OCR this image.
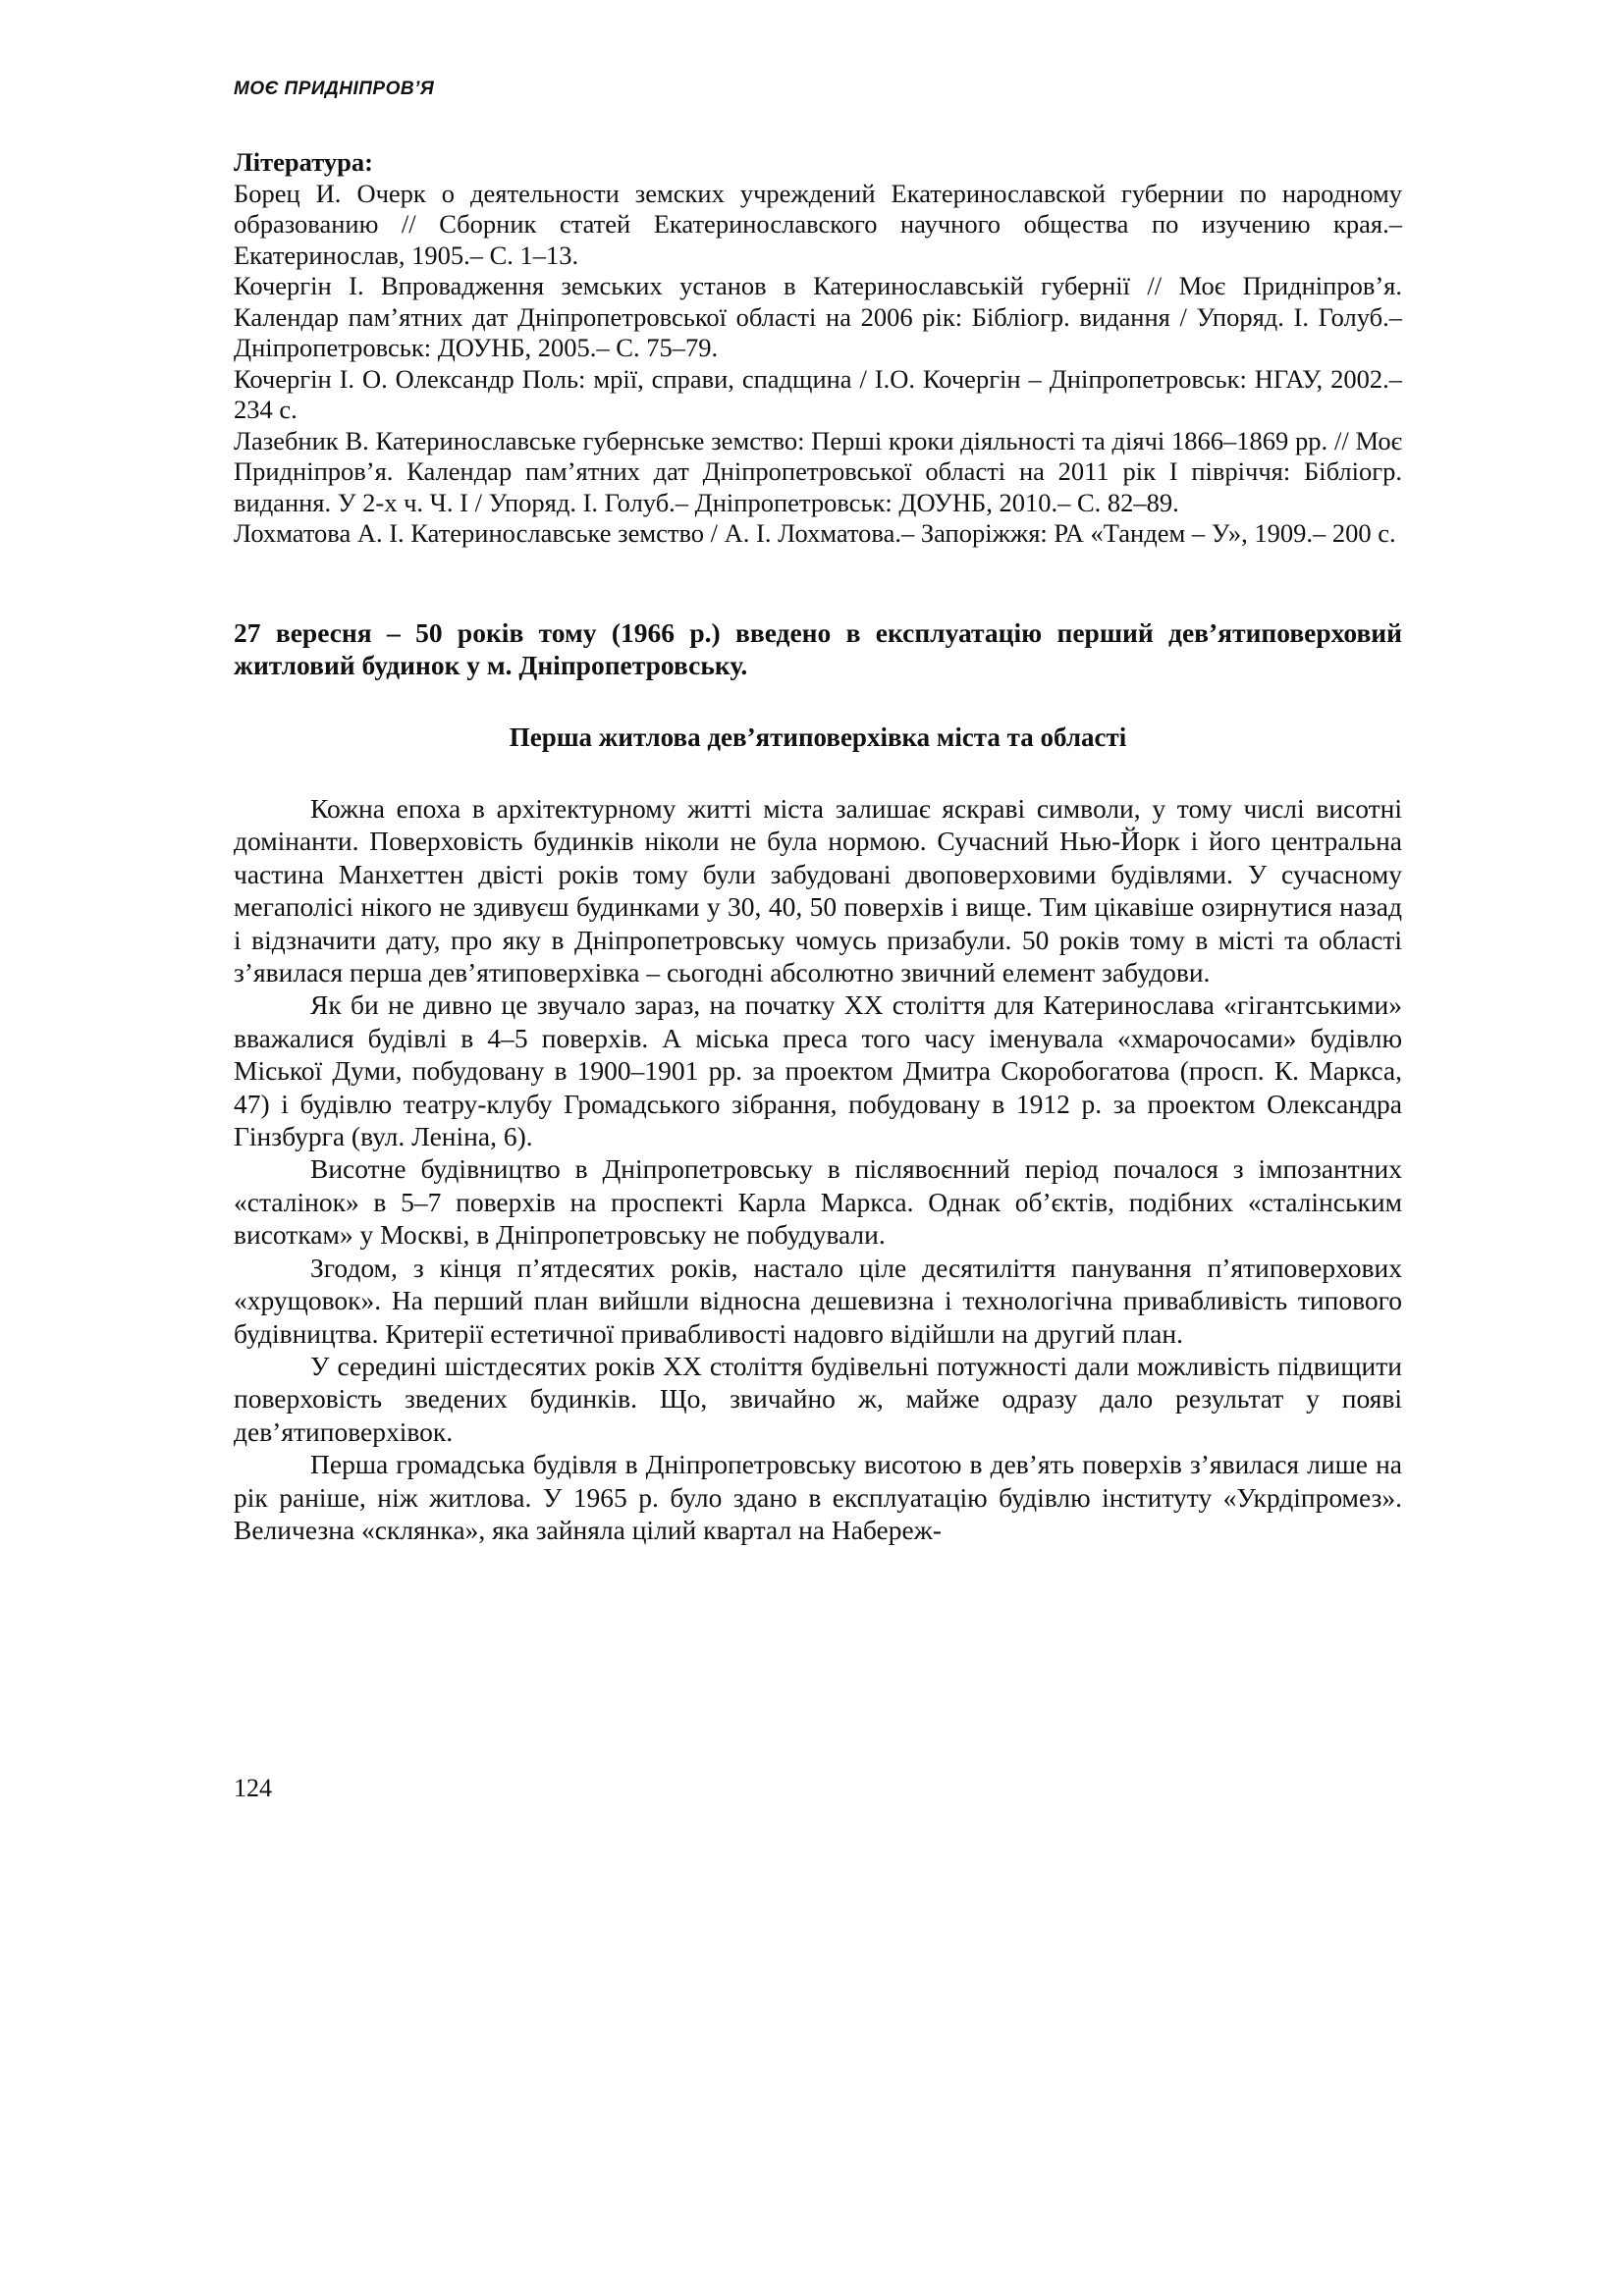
МОЄ ПРИДНІПРОВ’Я

Література:

Борец И. Очерк о деятельности земских учреждений Екатеринославской губернии по народному образованию // Сборник статей Екатеринославского научного общества по изучению края.– Екатеринослав, 1905.– С. 1–13.

Кочергін І. Впровадження земських установ в Катеринославській губернії // Моє Придніпров’я. Календар пам’ятних дат Дніпропетровської області на 2006 рік: Бібліогр. видання / Упоряд. І. Голуб.– Дніпропетровськ: ДОУНБ, 2005.– С. 75–79.

Кочергін І. О. Олександр Поль: мрії, справи, спадщина / І.О. Кочергін – Дніпропетровськ: НГАУ, 2002.– 234 с.

Лазебник В. Катеринославське губернське земство: Перші кроки діяльності та діячі 1866–1869 рр. // Моє Придніпров’я. Календар пам’ятних дат Дніпропетровської області на 2011 рік І півріччя: Бібліогр. видання. У 2-х ч. Ч. І / Упоряд. І. Голуб.– Дніпропетровськ: ДОУНБ, 2010.– С. 82–89.

Лохматова А. І. Катеринославське земство / А. І. Лохматова.– Запоріжжя: РА «Тандем – У», 1909.– 200 с.

27 вересня – 50 років тому (1966 р.) введено в експлуатацію перший дев’ятиповерховий житловий будинок у м. Дніпропетровську.

Перша житлова дев’ятиповерхівка міста та області

Кожна епоха в архітектурному житті міста залишає яскраві символи, у тому числі висотні домінанти. Поверховість будинків ніколи не була нормою. Сучасний Нью-Йорк і його центральна частина Манхеттен двісті років тому були забудовані двоповерховими будівлями. У сучасному мегаполісі нікого не здивуєш будинками у 30, 40, 50 поверхів і вище. Тим цікавіше озирнутися назад і відзначити дату, про яку в Дніпропетровську чомусь призабули. 50 років тому в місті та області з’явилася перша дев’ятиповерхівка – сьогодні абсолютно звичний елемент забудови.

Як би не дивно це звучало зараз, на початку XX століття для Катеринослава «гігантськими» вважалися будівлі в 4–5 поверхів. А міська преса того часу іменувала «хмарочосами» будівлю Міської Думи, побудовану в 1900–1901 рр. за проектом Дмитра Скоробогатова (просп. К. Маркса, 47) і будівлю театру-клубу Громадського зібрання, побудовану в 1912 р. за проектом Олександра Гінзбурга (вул. Леніна, 6).

Висотне будівництво в Дніпропетровську в післявоєнний період почалося з імпозантних «сталінок» в 5–7 поверхів на проспекті Карла Маркса. Однак об’єктів, подібних «сталінським висоткам» у Москві, в Дніпропетровську не побудували.

Згодом, з кінця п’ятдесятих років, настало ціле десятиліття панування п’ятиповерхових «хрущовок». На перший план вийшли відносна дешевизна і технологічна привабливість типового будівництва. Критерії естетичної привабливості надовго відійшли на другий план.

У середині шістдесятих років XX століття будівельні потужності дали можливість підвищити поверховість зведених будинків. Що, звичайно ж, майже одразу дало результат у появі дев’ятиповерхівок.

Перша громадська будівля в Дніпропетровську висотою в дев’ять поверхів з’явилася лише на рік раніше, ніж житлова. У 1965 р. було здано в експлуатацію будівлю інституту «Укрдіпромез». Величезна «склянка», яка зайняла цілий квартал на Набереж-

124
